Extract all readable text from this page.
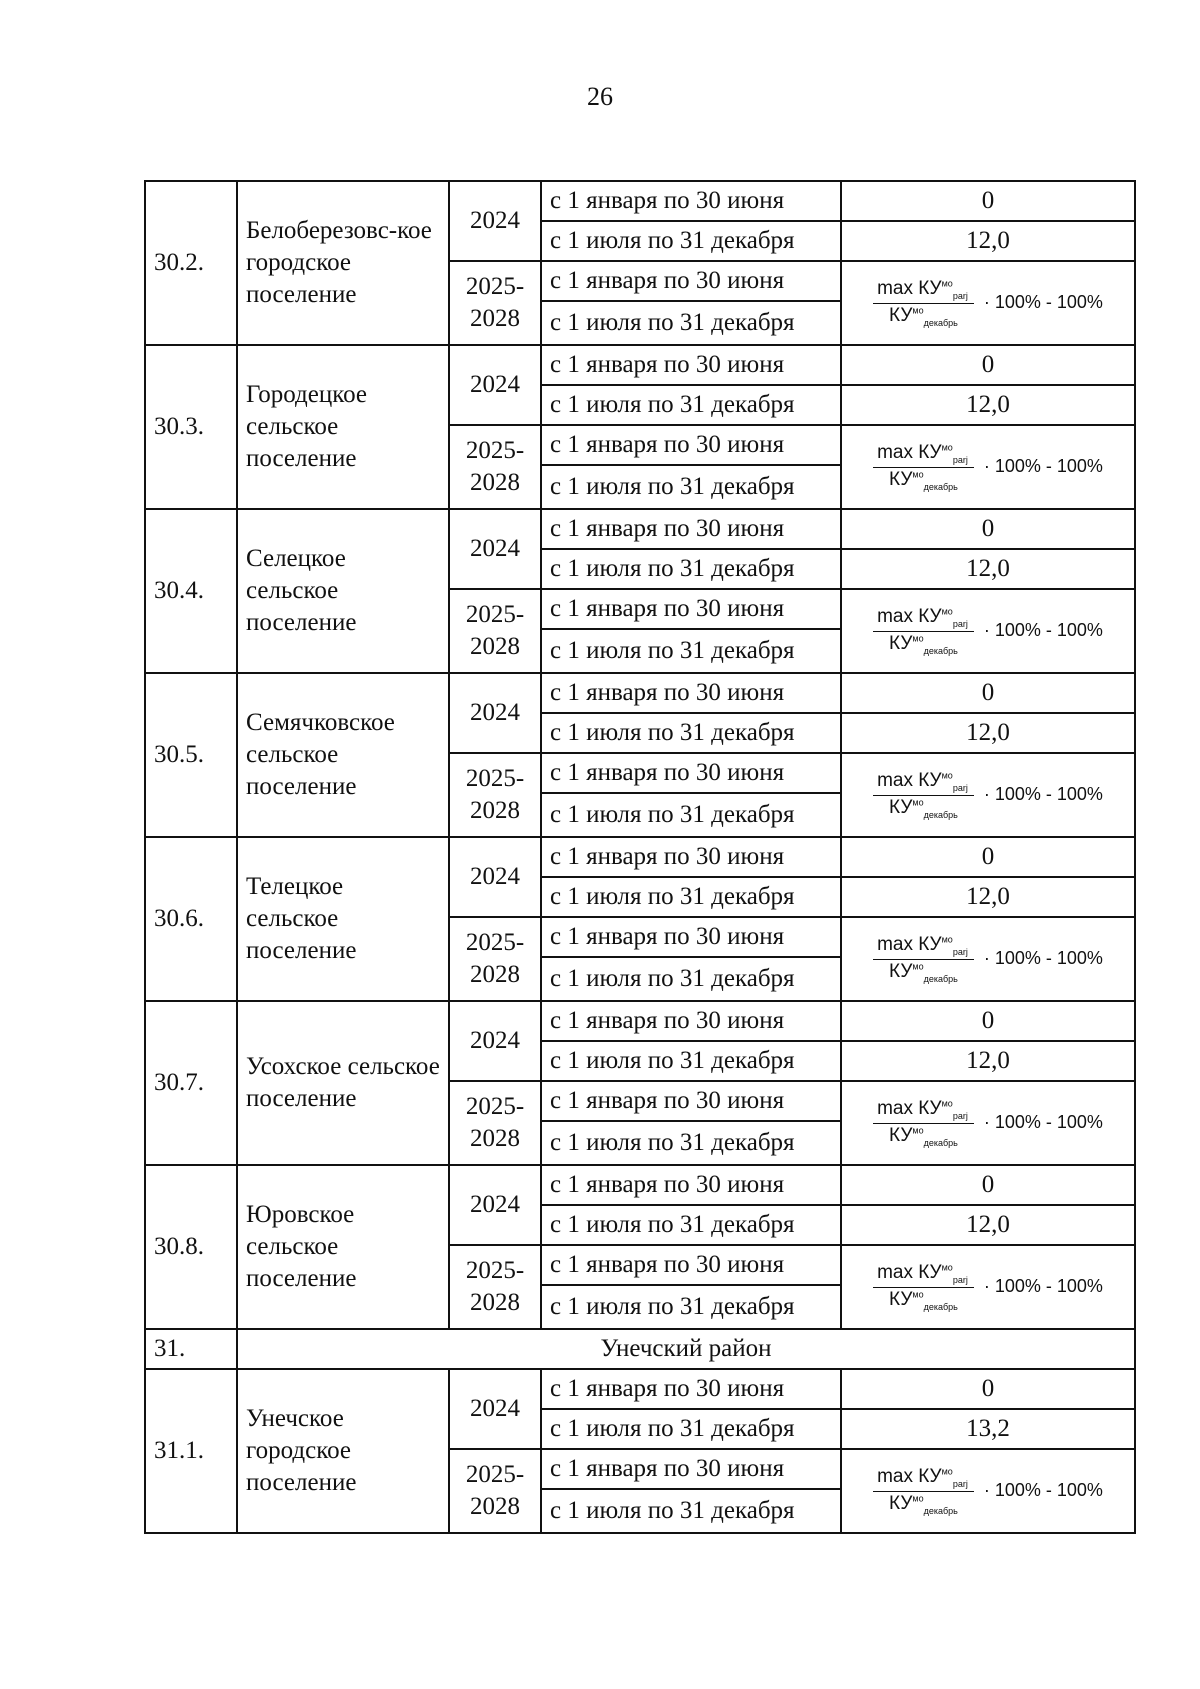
26
30.2.	Белоберезовс-кое городское поселение	2024	с 1 января по 30 июня	0
			с 1 июля по 31 декабря	12,0
		2025-2028	с 1 января по 30 июня	$\frac{\max КУ^{мо}_{рarj}}{КУ^{мо}_{декабрь}} \cdot 100\% - 100\%$

			с 1 июля по 31 декабря	
30.3.	Городецкое сельское поселение	2024	с 1 января по 30 июня	0
			с 1 июля по 31 декабря	12,0
		2025-2028	с 1 января по 30 июня	$\frac{\max КУ^{мо}_{рarj}}{КУ^{мо}_{декабрь}} \cdot 100\% - 100\%$

			с 1 июля по 31 декабря	
30.4.	Селецкое сельское поселение	2024	с 1 января по 30 июня	0
			с 1 июля по 31 декабря	12,0
		2025-2028	с 1 января по 30 июня	$\frac{\max КУ^{мо}_{рarj}}{КУ^{мо}_{декабрь}} \cdot 100\% - 100\%$

			с 1 июля по 31 декабря	
30.5.	Семячковское сельское поселение	2024	с 1 января по 30 июня	0
			с 1 июля по 31 декабря	12,0
		2025-2028	с 1 января по 30 июня	$\frac{\max КУ^{мо}_{рarj}}{КУ^{мо}_{декабрь}} \cdot 100\% - 100\%$

			с 1 июля по 31 декабря	
30.6.	Телецкое сельское поселение	2024	с 1 января по 30 июня	0
			с 1 июля по 31 декабря	12,0
		2025-2028	с 1 января по 30 июня	$\frac{\max КУ^{мо}_{рarj}}{КУ^{мо}_{декабрь}} \cdot 100\% - 100\%$

			с 1 июля по 31 декабря	
30.7.	Усохское сельское поселение	2024	с 1 января по 30 июня	0
			с 1 июля по 31 декабря	12,0
		2025-2028	с 1 января по 30 июня	$\frac{\max КУ^{мо}_{рarj}}{КУ^{мо}_{декабрь}} \cdot 100\% - 100\%$

			с 1 июля по 31 декабря	
30.8.	Юровское сельское поселение	2024	с 1 января по 30 июня	0
			с 1 июля по 31 декабря	12,0
		2025-2028	с 1 января по 30 июня	$\frac{\max КУ^{мо}_{рarj}}{КУ^{мо}_{декабрь}} \cdot 100\% - 100\%$

			с 1 июля по 31 декабря	
31.	Унечский район			
31.1.	Унечское городское поселение	2024	с 1 января по 30 июня	0
			с 1 июля по 31 декабря	13,2
		2025-2028	с 1 января по 30 июня	$\frac{\max КУ^{мо}_{рarj}}{КУ^{мо}_{декабрь}} \cdot 100\% - 100\%$

			с 1 июля по 31 декабря	
